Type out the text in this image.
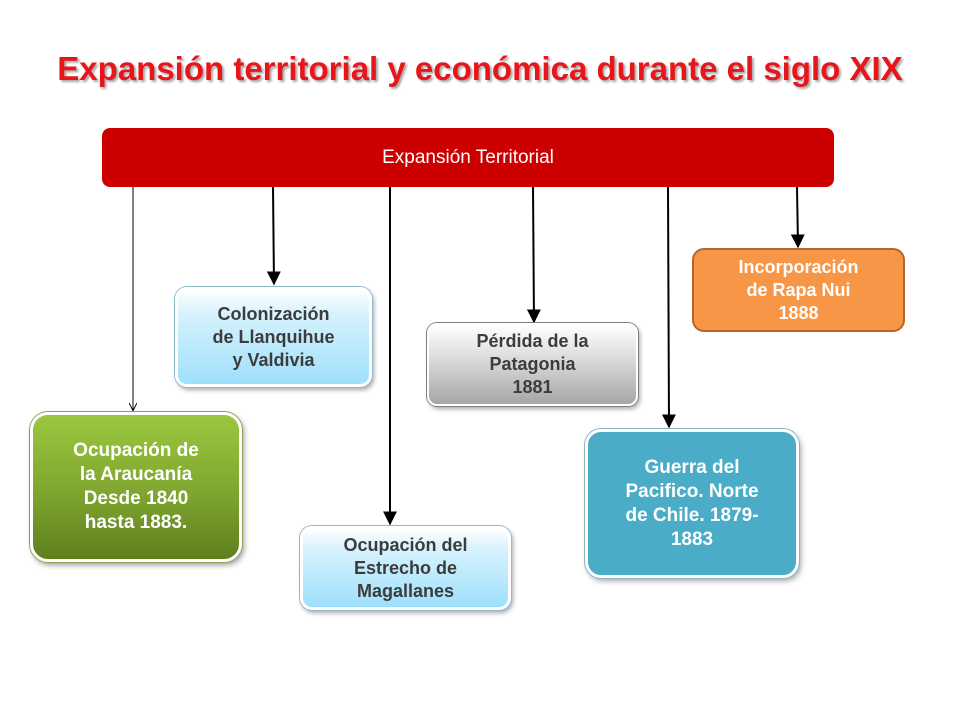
Expansión territorial y económica durante el siglo XIX
Expansión Territorial
Ocupación de
la Araucanía
Desde 1840
hasta 1883.
Colonización
de Llanquihue
y Valdivia
Ocupación del
Estrecho de
Magallanes
Pérdida de la
Patagonia
1881
Guerra del
Pacifico. Norte
de Chile. 1879-
1883
Incorporación
de Rapa Nui
1888
